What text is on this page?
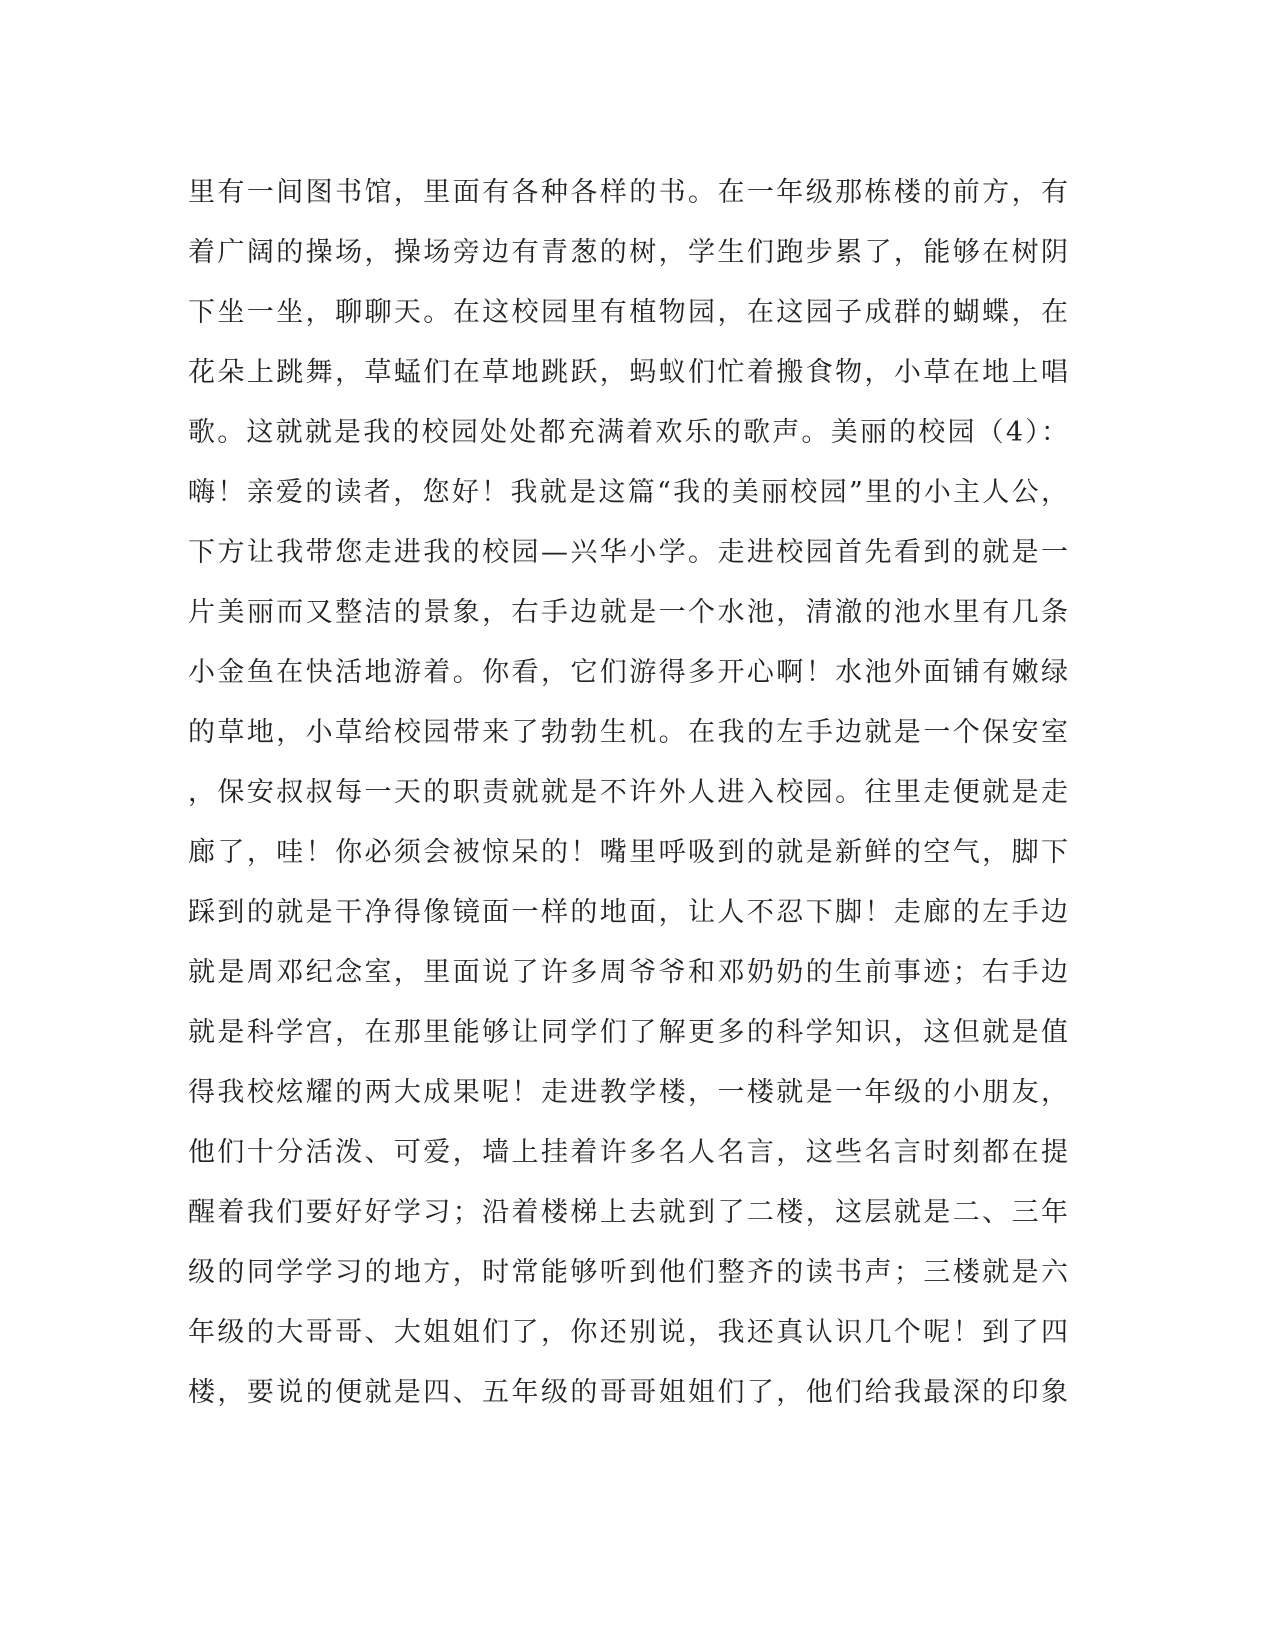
里有一间图书馆，里面有各种各样的书。在一年级那栋楼的前方，有
着广阔的操场，操场旁边有青葱的树，学生们跑步累了，能够在树阴
下坐一坐，聊聊天。在这校园里有植物园，在这园子成群的蝴蝶，在
花朵上跳舞，草蜢们在草地跳跃，蚂蚁们忙着搬食物，小草在地上唱
歌。这就就是我的校园处处都充满着欢乐的歌声。美丽的校园（4）：
嗨！亲爱的读者，您好！我就是这篇“我的美丽校园”里的小主人公，
下方让我带您走进我的校园—兴华小学。走进校园首先看到的就是一
片美丽而又整洁的景象，右手边就是一个水池，清澈的池水里有几条
小金鱼在快活地游着。你看，它们游得多开心啊！水池外面铺有嫩绿
的草地，小草给校园带来了勃勃生机。在我的左手边就是一个保安室
，保安叔叔每一天的职责就就是不许外人进入校园。往里走便就是走
廊了，哇！你必须会被惊呆的！嘴里呼吸到的就是新鲜的空气，脚下
踩到的就是干净得像镜面一样的地面，让人不忍下脚！走廊的左手边
就是周邓纪念室，里面说了许多周爷爷和邓奶奶的生前事迹；右手边
就是科学宫，在那里能够让同学们了解更多的科学知识，这但就是值
得我校炫耀的两大成果呢！走进教学楼，一楼就是一年级的小朋友，
他们十分活泼、可爱，墙上挂着许多名人名言，这些名言时刻都在提
醒着我们要好好学习；沿着楼梯上去就到了二楼，这层就是二、三年
级的同学学习的地方，时常能够听到他们整齐的读书声；三楼就是六
年级的大哥哥、大姐姐们了，你还别说，我还真认识几个呢！到了四
楼，要说的便就是四、五年级的哥哥姐姐们了，他们给我最深的印象
